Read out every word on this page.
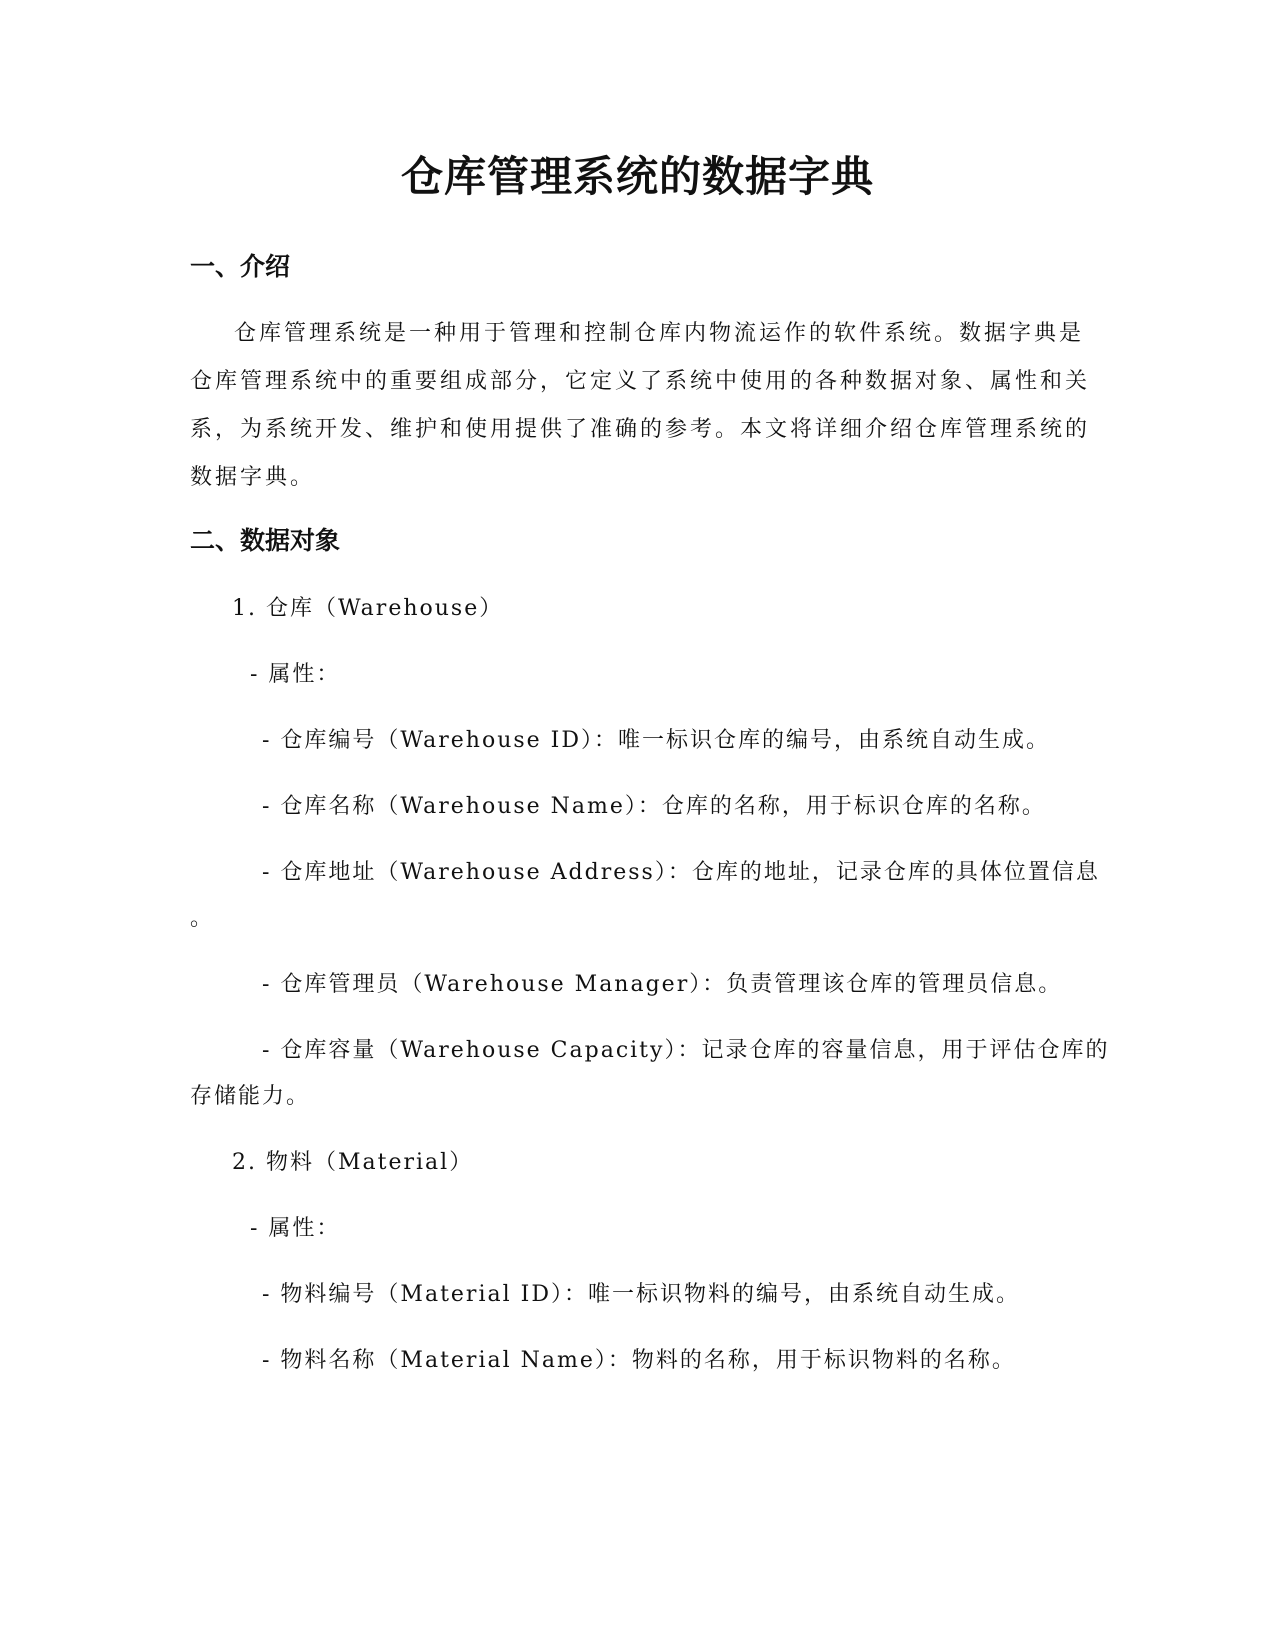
仓库管理系统的数据字典
一、介绍

仓库管理系统是一种用于管理和控制仓库内物流运作的软件系统。数据字典是仓库管理系统中的重要组成部分，它定义了系统中使用的各种数据对象、属性和关系，为系统开发、维护和使用提供了准确的参考。本文将详细介绍仓库管理系统的数据字典。

二、数据对象

1. 仓库（Warehouse）

- 属性：

- 仓库编号（Warehouse ID）：唯一标识仓库的编号，由系统自动生成。

- 仓库名称（Warehouse Name）：仓库的名称，用于标识仓库的名称。

- 仓库地址（Warehouse Address）：仓库的地址，记录仓库的具体位置信息

。

- 仓库管理员（Warehouse Manager）：负责管理该仓库的管理员信息。

- 仓库容量（Warehouse Capacity）：记录仓库的容量信息，用于评估仓库的

存储能力。

2. 物料（Material）

- 属性：

- 物料编号（Material ID）：唯一标识物料的编号，由系统自动生成。

- 物料名称（Material Name）：物料的名称，用于标识物料的名称。
